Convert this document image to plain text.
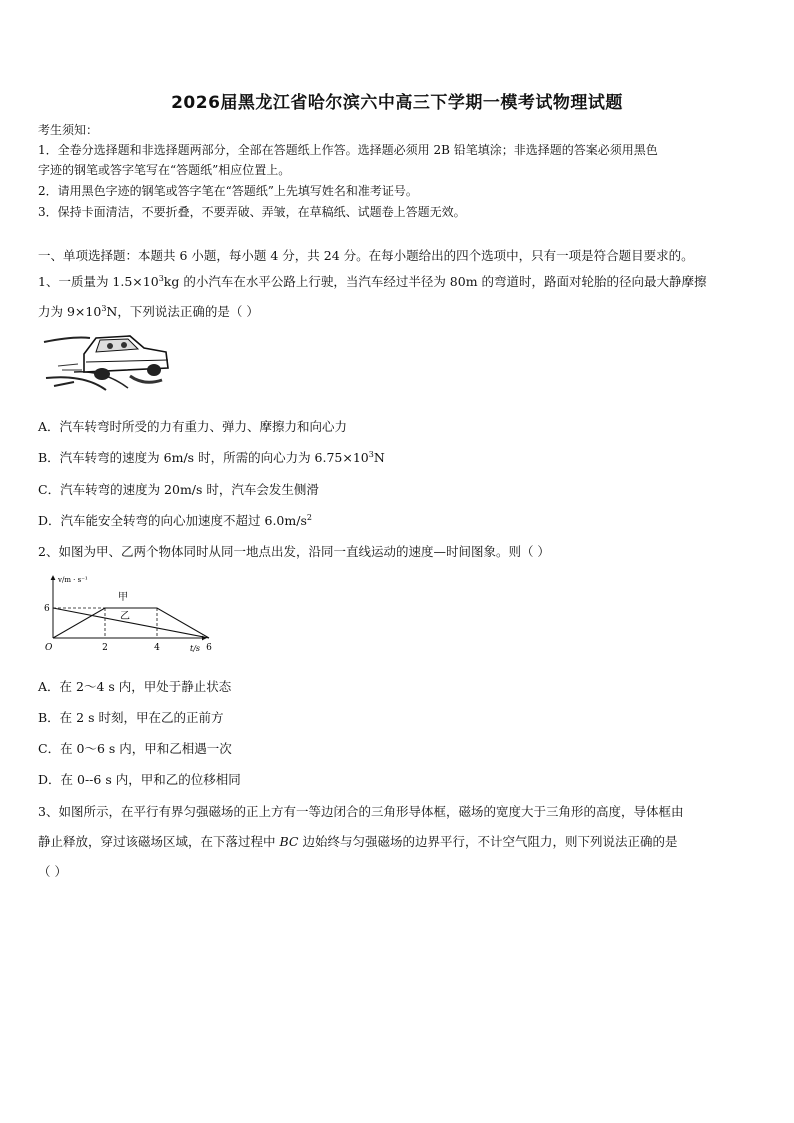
2026届黑龙江省哈尔滨六中高三下学期一模考试物理试题
考生须知：
1．全卷分选择题和非选择题两部分，全部在答题纸上作答。选择题必须用 2B 铅笔填涂；非选择题的答案必须用黑色
字迹的钢笔或答字笔写在“答题纸”相应位置上。
2．请用黑色字迹的钢笔或答字笔在“答题纸”上先填写姓名和准考证号。
3．保持卡面清洁，不要折叠，不要弄破、弄皱，在草稿纸、试题卷上答题无效。
一、单项选择题：本题共 6 小题，每小题 4 分，共 24 分。在每小题给出的四个选项中，只有一项是符合题目要求的。
1、一质量为 $1.5\times 10^3kg$ 的小汽车在水平公路上行驶，当汽车经过半径为 80m 的弯道时，路面对轮胎的径向最大静摩擦
力为 $9\times 10^3N$，下列说法正确的是（ ）
A．汽车转弯时所受的力有重力、弹力、摩擦力和向心力
B．汽车转弯的速度为 6m/s 时，所需的向心力为 $6.75\times 10^3N$
C．汽车转弯的速度为 20m/s 时，汽车会发生侧滑
D．汽车能安全转弯的向心加速度不超过 $6.0m/s^2$
2、如图为甲、乙两个物体同时从同一地点出发，沿同一直线运动的速度—时间图象。则（ ）
v/m · s⁻¹
t/s
O
6
2	4	6
甲
乙
A．在 2～4 s 内，甲处于静止状态
B．在 2 s 时刻，甲在乙的正前方
C．在 0～6 s 内，甲和乙相遇一次
D．在 0--6 s 内，甲和乙的位移相同
3、如图所示，在平行有界匀强磁场的正上方有一等边闭合的三角形导体框，磁场的宽度大于三角形的高度，导体框由
静止释放，穿过该磁场区域，在下落过程中 BC 边始终与匀强磁场的边界平行，不计空气阻力，则下列说法正确的是
（ ）
